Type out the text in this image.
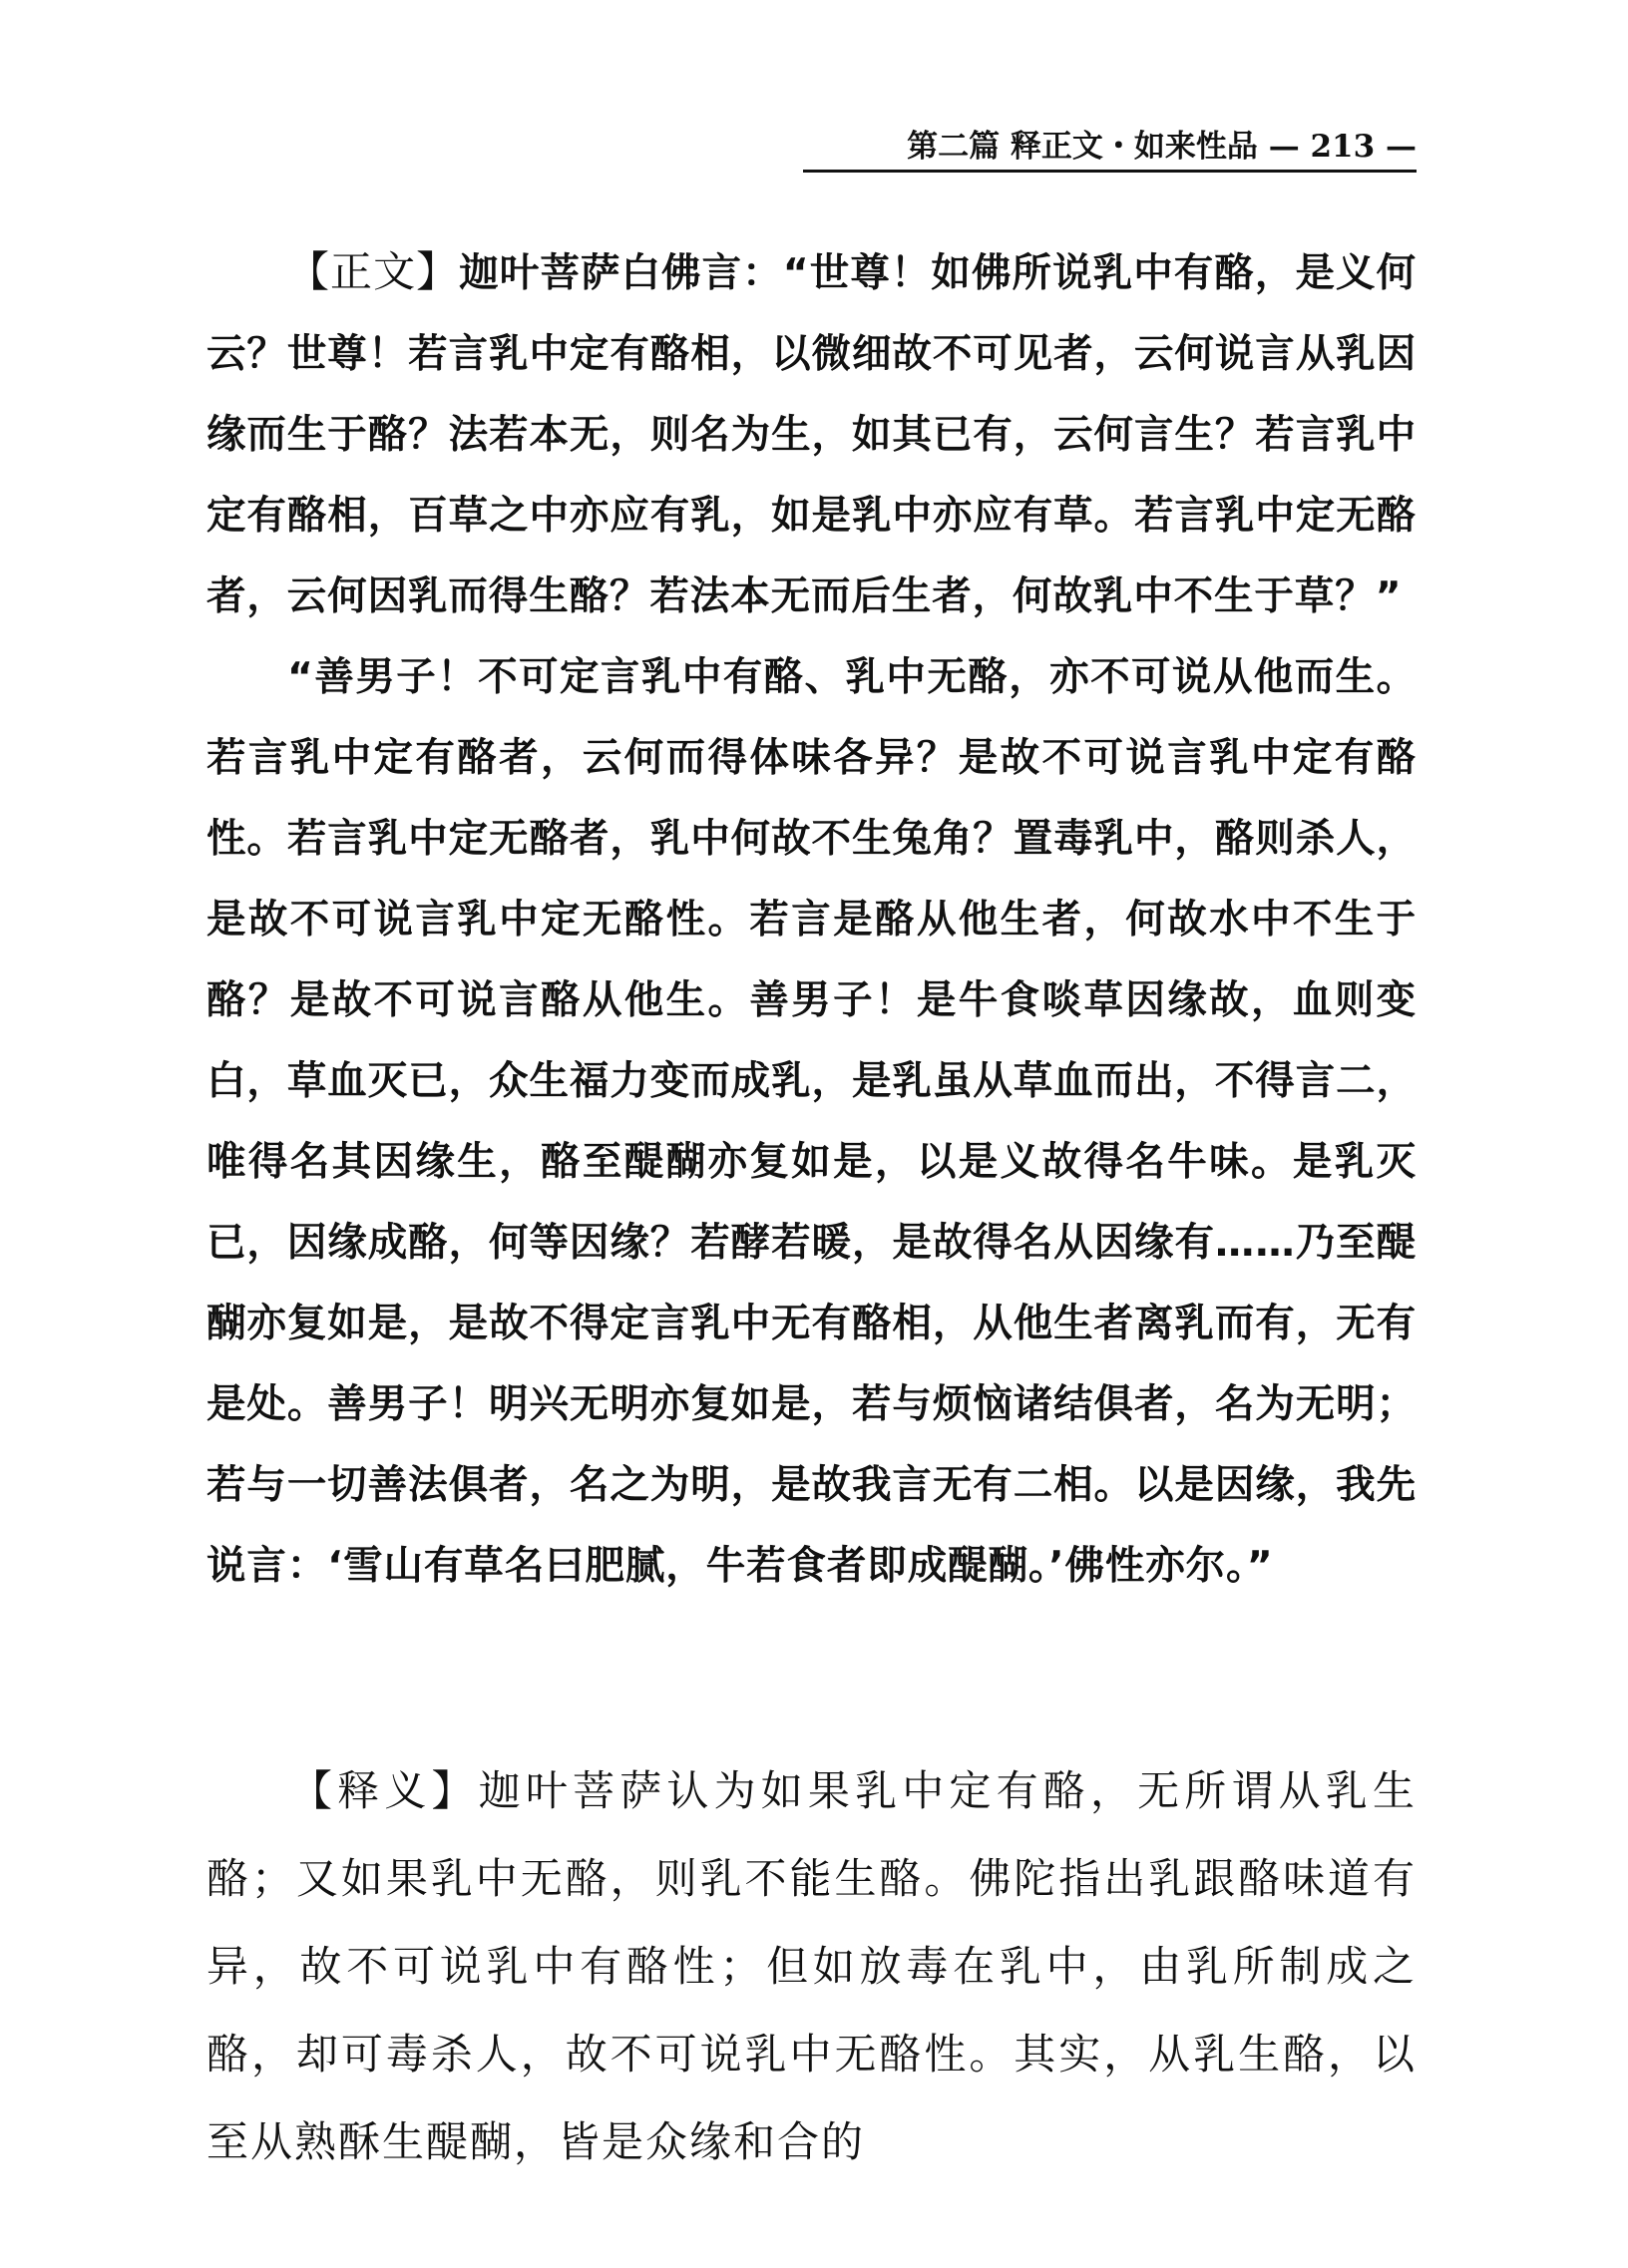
第二篇 释正文・如来性品 — 213 —

【正文】迦叶菩萨白佛言：“世尊！如佛所说乳中有酪，是义何云？世尊！若言乳中定有酪相，以微细故不可见者，云何说言从乳因缘而生于酪？法若本无，则名为生，如其已有，云何言生？若言乳中定有酪相，百草之中亦应有乳，如是乳中亦应有草。若言乳中定无酪者，云何因乳而得生酪？若法本无而后生者，何故乳中不生于草？”

“善男子！不可定言乳中有酪、乳中无酪，亦不可说从他而生。若言乳中定有酪者，云何而得体味各异？是故不可说言乳中定有酪性。若言乳中定无酪者，乳中何故不生兔角？置毒乳中，酪则杀人，是故不可说言乳中定无酪性。若言是酪从他生者，何故水中不生于酪？是故不可说言酪从他生。善男子！是牛食啖草因缘故，血则变白，草血灭已，众生福力变而成乳，是乳虽从草血而出，不得言二，唯得名其因缘生，酪至醍醐亦复如是，以是义故得名牛味。是乳灭已，因缘成酪，何等因缘？若酵若暖，是故得名从因缘有……乃至醍醐亦复如是，是故不得定言乳中无有酪相，从他生者离乳而有，无有是处。善男子！明兴无明亦复如是，若与烦恼诸结俱者，名为无明；若与一切善法俱者，名之为明，是故我言无有二相。以是因缘，我先说言：‘雪山有草名曰肥腻，牛若食者即成醍醐。’佛性亦尔。”

【释义】迦叶菩萨认为如果乳中定有酪，无所谓从乳生酪；又如果乳中无酪，则乳不能生酪。佛陀指出乳跟酪味道有异，故不可说乳中有酪性；但如放毒在乳中，由乳所制成之酪，却可毒杀人，故不可说乳中无酪性。其实，从乳生酪，以至从熟酥生醍醐，皆是众缘和合的
